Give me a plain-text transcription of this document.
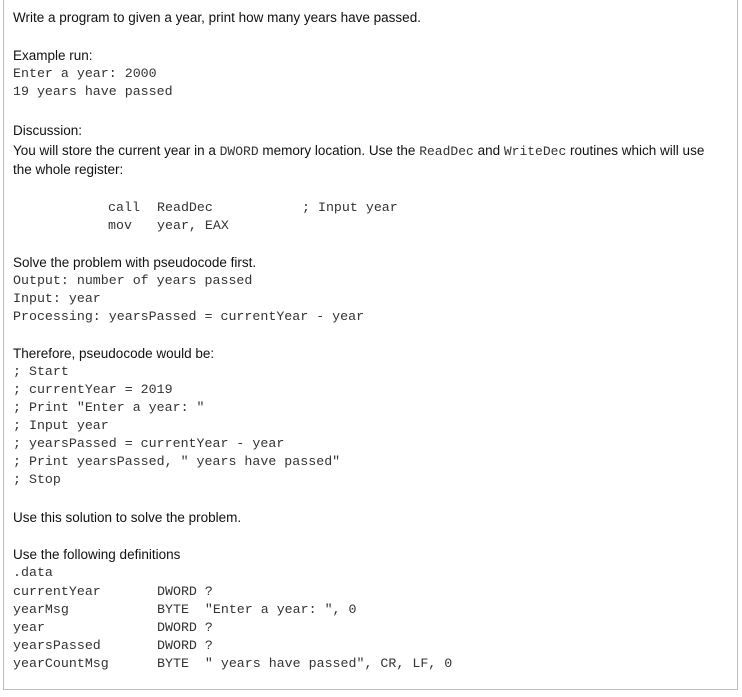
Write a program to given a year, print how many years have passed.
Example run:
Enter a year: 2000
19 years have passed
Discussion:
You will store the current year in a DWORD memory location. Use the ReadDec and WriteDec routines which will use
the whole register:
call ReadDec	; Input year
mov year, EAX
Solve the problem with pseudocode first.
Output: number of years passed
Input: year
Processing: yearsPassed = currentYear - year
Therefore, pseudocode would be:
; Start
; currentYear = 2019
; Print "Enter a year: "
; Input year
; yearsPassed = currentYear - year
; Print yearsPassed, " years have passed"
; Stop
Use this solution to solve the problem.
Use the following definitions
.data
currentYear	DWORD ?
yearMsg	BYTE  "Enter a year: ", 0
year	DWORD ?
yearsPassed	DWORD ?
yearCountMsg	BYTE  " years have passed", CR, LF, 0
